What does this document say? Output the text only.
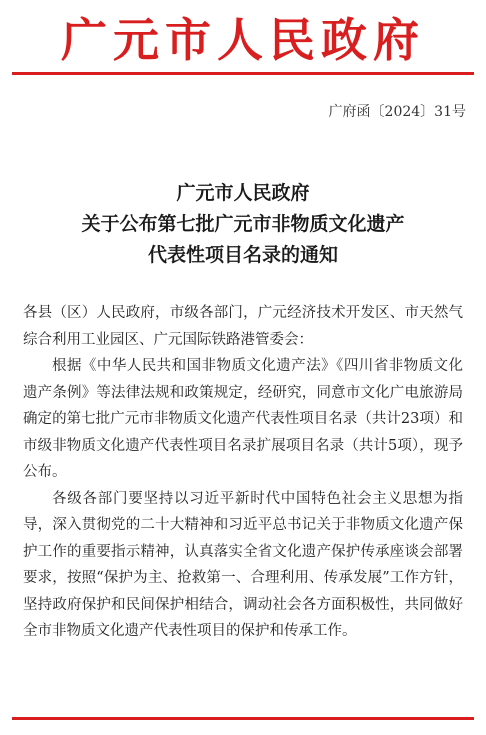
广元市人民政府
广府函〔2024〕31号
广元市人民政府
关于公布第七批广元市非物质文化遗产
代表性项目名录的通知

各县（区）人民政府，市级各部门，广元经济技术开发区、市天然气综合利用工业园区、广元国际铁路港管委会：

根据《中华人民共和国非物质文化遗产法》《四川省非物质文化遗产条例》等法律法规和政策规定，经研究，同意市文化广电旅游局确定的第七批广元市非物质文化遗产代表性项目名录（共计23项）和市级非物质文化遗产代表性项目名录扩展项目名录（共计5项），现予公布。

各级各部门要坚持以习近平新时代中国特色社会主义思想为指导，深入贯彻党的二十大精神和习近平总书记关于非物质文化遗产保护工作的重要指示精神，认真落实全省文化遗产保护传承座谈会部署要求，按照“保护为主、抢救第一、合理利用、传承发展”工作方针，坚持政府保护和民间保护相结合，调动社会各方面积极性，共同做好全市非物质文化遗产代表性项目的保护和传承工作。
